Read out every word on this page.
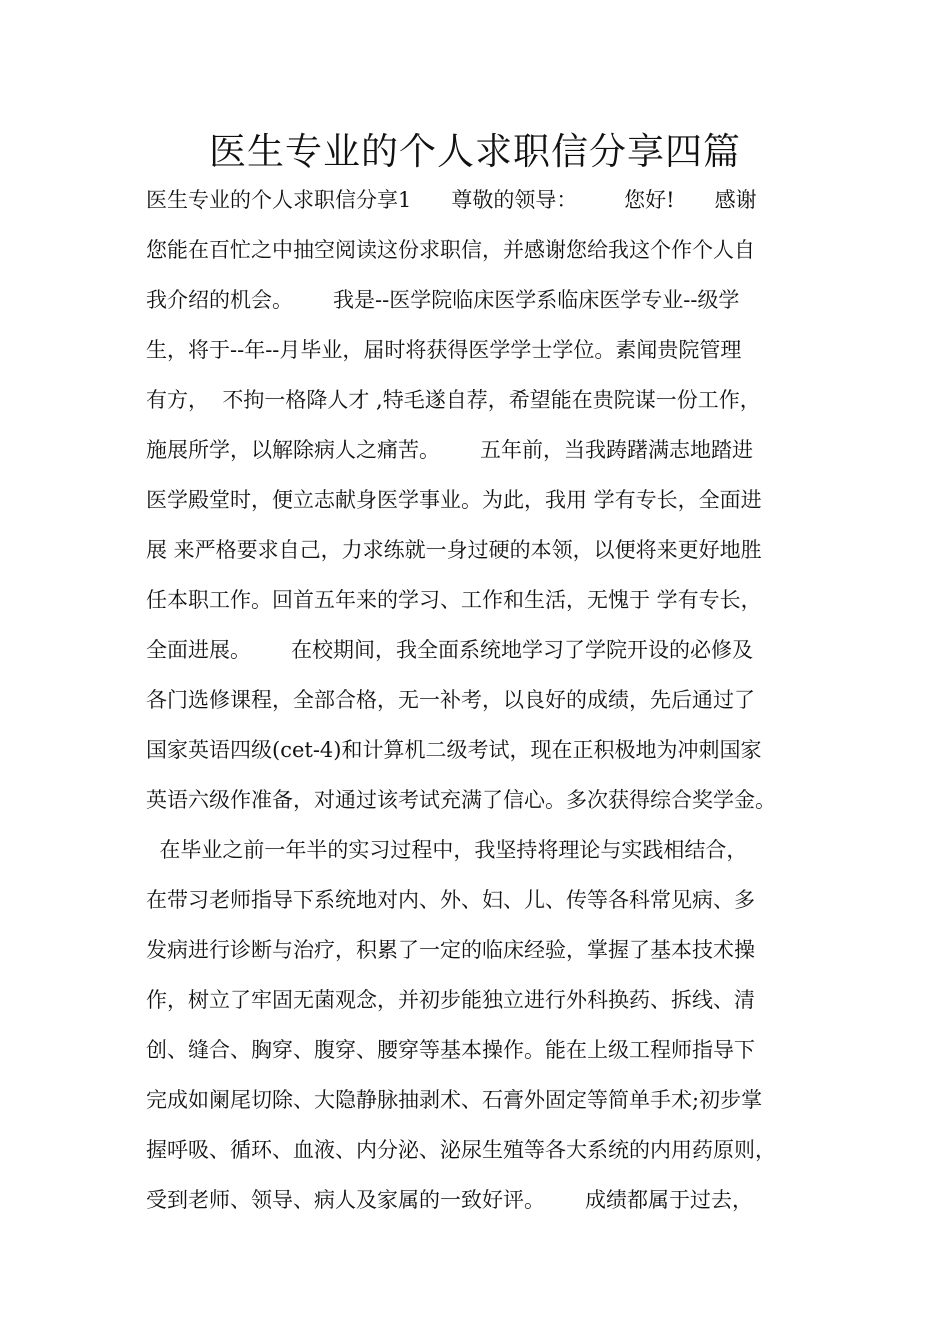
医生专业的个人求职信分享四篇

医生专业的个人求职信分享1      尊敬的领导：       您好!      感谢

您能在百忙之中抽空阅读这份求职信，并感谢您给我这个作个人自

我介绍的机会。      我是--医学院临床医学系临床医学专业--级学

生，将于--年--月毕业，届时将获得医学学士学位。素闻贵院管理

有方，  不拘一格降人才 ,特毛遂自荐，希望能在贵院谋一份工作，

施展所学，以解除病人之痛苦。      五年前，当我踌躇满志地踏进

医学殿堂时，便立志献身医学事业。为此，我用 学有专长，全面进

展 来严格要求自己，力求练就一身过硬的本领，以便将来更好地胜

任本职工作。回首五年来的学习、工作和生活，无愧于 学有专长，

全面进展。      在校期间，我全面系统地学习了学院开设的必修及

各门选修课程，全部合格，无一补考，以良好的成绩，先后通过了

国家英语四级(cet-4)和计算机二级考试，现在正积极地为冲刺国家

英语六级作准备，对通过该考试充满了信心。多次获得综合奖学金。

在毕业之前一年半的实习过程中，我坚持将理论与实践相结合，

在带习老师指导下系统地对内、外、妇、儿、传等各科常见病、多

发病进行诊断与治疗，积累了一定的临床经验，掌握了基本技术操

作，树立了牢固无菌观念，并初步能独立进行外科换药、拆线、清

创、缝合、胸穿、腹穿、腰穿等基本操作。能在上级工程师指导下

完成如阑尾切除、大隐静脉抽剥术、石膏外固定等简单手术;初步掌

握呼吸、循环、血液、内分泌、泌尿生殖等各大系统的内用药原则，

受到老师、领导、病人及家属的一致好评。      成绩都属于过去，
